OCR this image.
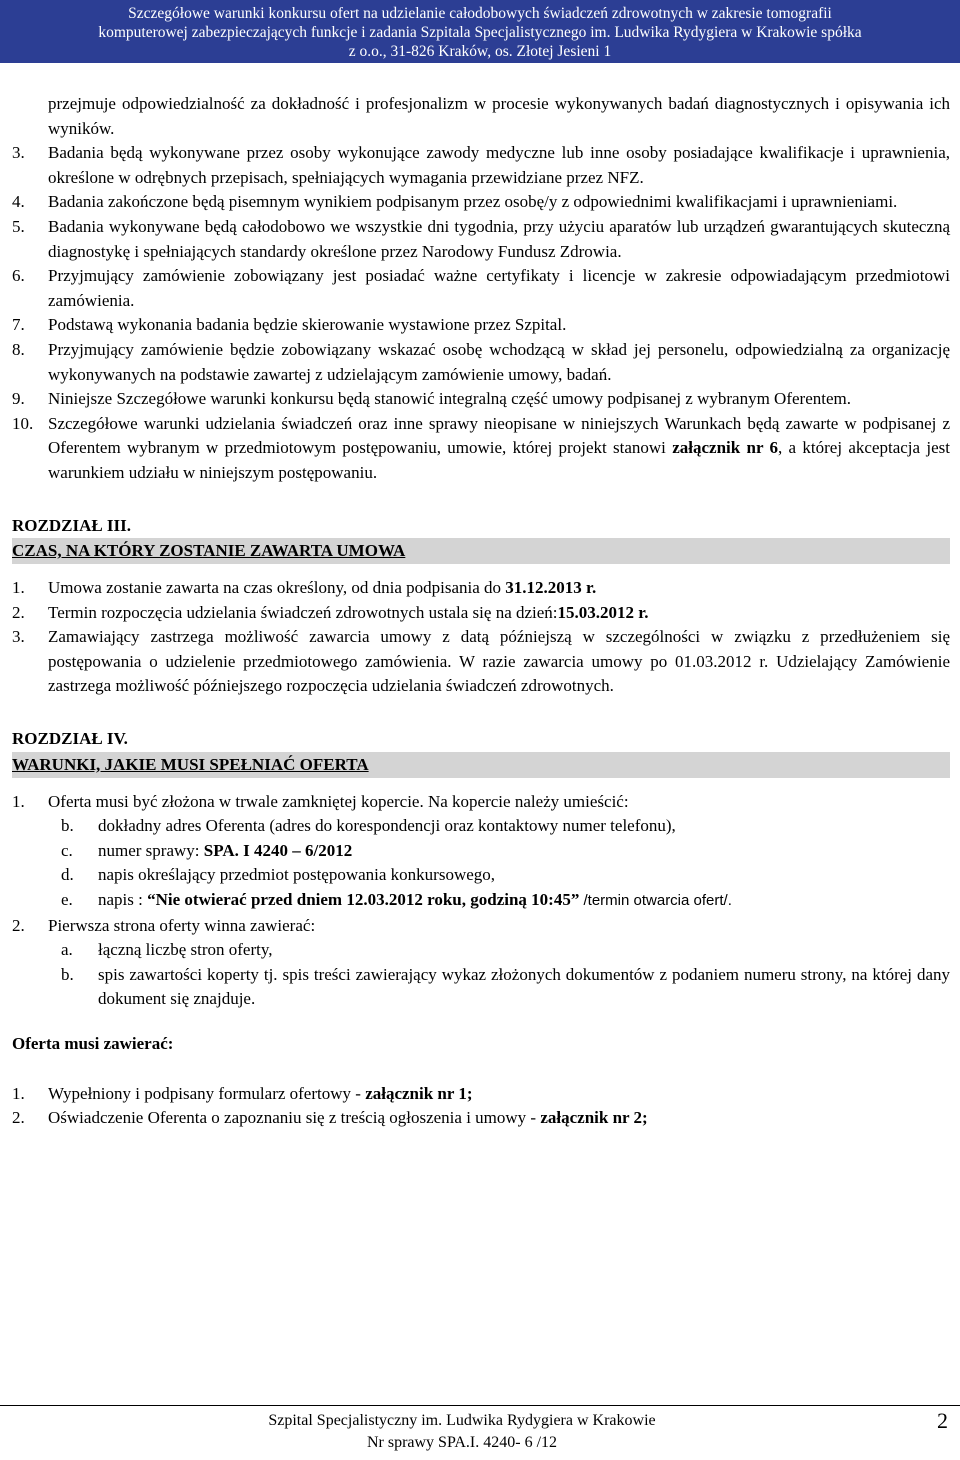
Szczegółowe warunki konkursu ofert na udzielanie całodobowych świadczeń zdrowotnych w zakresie tomografii
komputerowej zabezpieczających funkcje i zadania Szpitala Specjalistycznego im. Ludwika Rydygiera w Krakowie spółka
z o.o., 31-826 Kraków, os. Złotej Jesieni 1

przejmuje odpowiedzialność za dokładność i profesjonalizm w procesie wykonywanych badań diagnostycznych i opisywania ich wyników.

3.	Badania będą wykonywane przez osoby wykonujące zawody medyczne lub inne osoby posiadające kwalifikacje i uprawnienia, określone w odrębnych przepisach, spełniających wymagania przewidziane przez NFZ.
4.	Badania zakończone będą pisemnym wynikiem podpisanym przez osobę/y z odpowiednimi kwalifikacjami i uprawnieniami.
5.	Badania wykonywane będą całodobowo we wszystkie dni tygodnia, przy użyciu aparatów lub urządzeń gwarantujących skuteczną diagnostykę i spełniających standardy określone przez Narodowy Fundusz Zdrowia.
6.	Przyjmujący zamówienie zobowiązany jest posiadać ważne certyfikaty i licencje w zakresie odpowiadającym przedmiotowi zamówienia.
7.	Podstawą wykonania badania będzie skierowanie wystawione przez Szpital.
8.	Przyjmujący zamówienie będzie zobowiązany wskazać osobę wchodzącą w skład jej personelu, odpowiedzialną za organizację wykonywanych na podstawie zawartej z udzielającym zamówienie umowy, badań.
9.	Niniejsze Szczegółowe warunki konkursu będą stanowić integralną część umowy podpisanej z wybranym Oferentem.
10. Szczegółowe warunki udzielania świadczeń oraz inne sprawy nieopisane w niniejszych Warunkach będą zawarte w podpisanej z Oferentem wybranym w przedmiotowym postępowaniu, umowie, której projekt stanowi załącznik nr 6, a której akceptacja jest warunkiem udziału w niniejszym postępowaniu.
ROZDZIAŁ III.
CZAS, NA KTÓRY ZOSTANIE ZAWARTA UMOWA
1.	Umowa zostanie zawarta na czas określony, od dnia podpisania do 31.12.2013 r.
2.	Termin rozpoczęcia udzielania świadczeń zdrowotnych ustala się na dzień:15.03.2012 r.
3.	Zamawiający zastrzega możliwość zawarcia umowy z datą późniejszą w szczególności w związku z przedłużeniem się postępowania o udzielenie przedmiotowego zamówienia. W razie zawarcia umowy po 01.03.2012 r. Udzielający Zamówienie zastrzega możliwość późniejszego rozpoczęcia udzielania świadczeń zdrowotnych.
ROZDZIAŁ IV.
WARUNKI, JAKIE MUSI SPEŁNIAĆ OFERTA
1.	Oferta musi być złożona w trwale zamkniętej kopercie. Na kopercie należy umieścić:
b.	dokładny adres Oferenta (adres do korespondencji oraz kontaktowy numer telefonu),
c.	numer sprawy: SPA. I 4240 – 6/2012
d.	napis określający przedmiot postępowania konkursowego,
e.	napis : “Nie otwierać przed dniem 12.03.2012 roku, godziną 10:45” /termin otwarcia ofert/.
2.	Pierwsza strona oferty winna zawierać:
a.	łączną liczbę stron oferty,
b.	spis zawartości koperty tj. spis treści zawierający wykaz złożonych dokumentów z podaniem numeru strony, na której dany dokument się znajduje.
Oferta musi zawierać:
1.	Wypełniony i podpisany formularz ofertowy - załącznik nr 1;
2.	Oświadczenie Oferenta o zapoznaniu się z treścią ogłoszenia i umowy - załącznik nr 2;
Szpital Specjalistyczny im. Ludwika Rydygiera w Krakowie
Nr sprawy SPA.I. 4240- 6 /12
2
